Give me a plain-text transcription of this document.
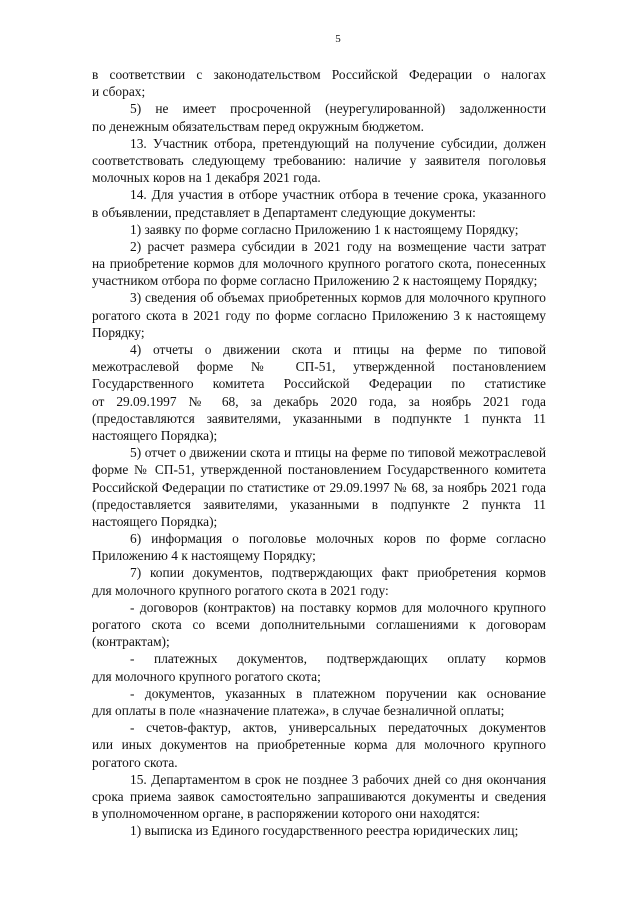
5
в соответствии с законодательством Российской Федерации о налогах
и сборах;
5) не имеет просроченной (неурегулированной) задолженности
по денежным обязательствам перед окружным бюджетом.
13. Участник отбора, претендующий на получение субсидии, должен
соответствовать следующему требованию: наличие у заявителя поголовья
молочных коров на 1 декабря 2021 года.
14. Для участия в отборе участник отбора в течение срока, указанного
в объявлении, представляет в Департамент следующие документы:
1) заявку по форме согласно Приложению 1 к настоящему Порядку;
2) расчет размера субсидии в 2021 году на возмещение части затрат
на приобретение кормов для молочного крупного рогатого скота, понесенных
участником отбора по форме согласно Приложению 2 к настоящему Порядку;
3) сведения об объемах приобретенных кормов для молочного крупного
рогатого скота в 2021 году по форме согласно Приложению 3 к настоящему
Порядку;
4) отчеты о движении скота и птицы на ферме по типовой
межотраслевой форме № СП-51, утвержденной постановлением
Государственного комитета Российской Федерации по статистике
от 29.09.1997 № 68, за декабрь 2020 года, за ноябрь 2021 года
(предоставляются заявителями, указанными в подпункте 1 пункта 11
настоящего Порядка);
5) отчет о движении скота и птицы на ферме по типовой межотраслевой
форме № СП-51, утвержденной постановлением Государственного комитета
Российской Федерации по статистике от 29.09.1997 № 68, за ноябрь 2021 года
(предоставляется заявителями, указанными в подпункте 2 пункта 11
настоящего Порядка);
6) информация о поголовье молочных коров по форме согласно
Приложению 4 к настоящему Порядку;
7) копии документов, подтверждающих факт приобретения кормов
для молочного крупного рогатого скота в 2021 году:
- договоров (контрактов) на поставку кормов для молочного крупного
рогатого скота со всеми дополнительными соглашениями к договорам
(контрактам);
- платежных документов, подтверждающих оплату кормов
для молочного крупного рогатого скота;
- документов, указанных в платежном поручении как основание
для оплаты в поле «назначение платежа», в случае безналичной оплаты;
- счетов-фактур, актов, универсальных передаточных документов
или иных документов на приобретенные корма для молочного крупного
рогатого скота.
15. Департаментом в срок не позднее 3 рабочих дней со дня окончания
срока приема заявок самостоятельно запрашиваются документы и сведения
в уполномоченном органе, в распоряжении которого они находятся:
1) выписка из Единого государственного реестра юридических лиц;
